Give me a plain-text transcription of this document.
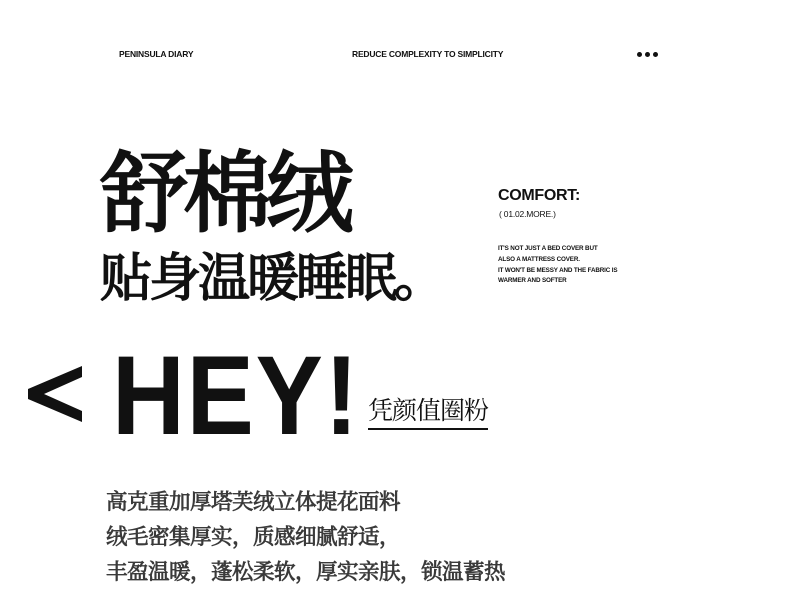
PENINSULA DIARY	REDUCE COMPLEXITY TO SIMPLICITY
舒棉绒
贴身温暖睡眠。
COMFORT:
( 01.02.MORE.)
IT'S NOT JUST A BED COVER BUT
ALSO A MATTRESS COVER.
IT WON'T BE MESSY AND THE FABRIC IS
WARMER AND SOFTER
HEY! 凭颜值圈粉
高克重加厚塔芙绒立体提花面料
绒毛密集厚实，质感细腻舒适，
丰盈温暖，蓬松柔软，厚实亲肤，锁温蓄热
